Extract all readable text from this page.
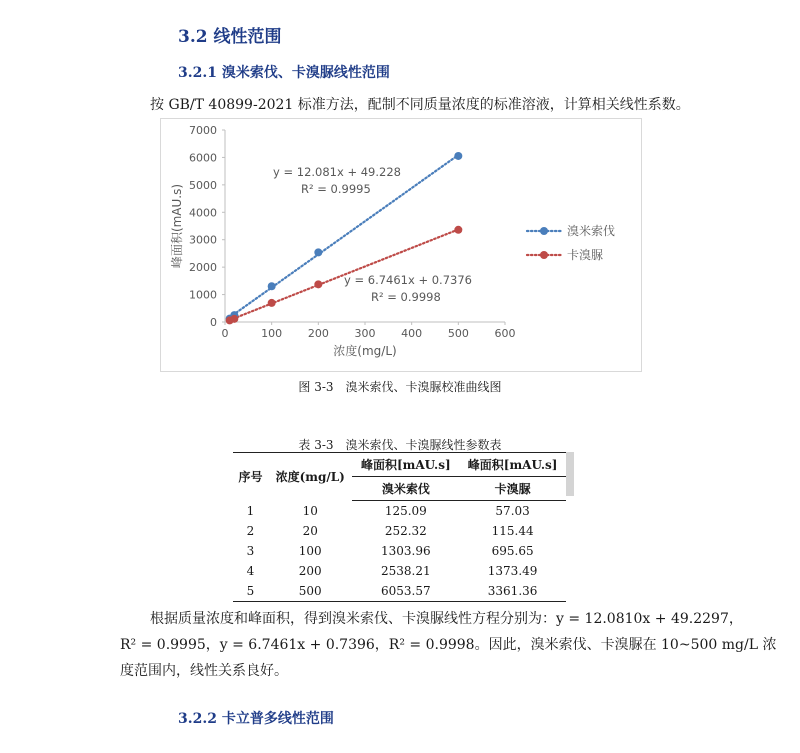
3.2 线性范围
3.2.1 溴米索伐、卡溴脲线性范围
按 GB/T 40899-2021 标准方法，配制不同质量浓度的标准溶液，计算相关线性系数。
0	100 200 300 400 500 600
0
1000
2000
3000
4000
5000
6000
7000
浓度(mg/L)
峰面积(mAU.s)
y = 12.081x + 49.228
R² = 0.9995
y = 6.7461x + 0.7376
R² = 0.9998
溴米索伐
卡溴脲
图 3-3　溴米索伐、卡溴脲校准曲线图
表 3-3　溴米索伐、卡溴脲线性参数表
序号	浓度(mg/L)	峰面积[mAU.s]	峰面积[mAU.s]
		溴米索伐	卡溴脲
1	10	125.09	57.03
2	20	252.32	115.44
3	100	1303.96	695.65
4	200	2538.21	1373.49
5	500	6053.57	3361.36
根据质量浓度和峰面积，得到溴米索伐、卡溴脲线性方程分别为：y = 12.0810x + 49.2297，
R² = 0.9995，y = 6.7461x + 0.7396，R² = 0.9998。因此，溴米索伐、卡溴脲在 10~500 mg/L 浓
度范围内，线性关系良好。
3.2.2 卡立普多线性范围
